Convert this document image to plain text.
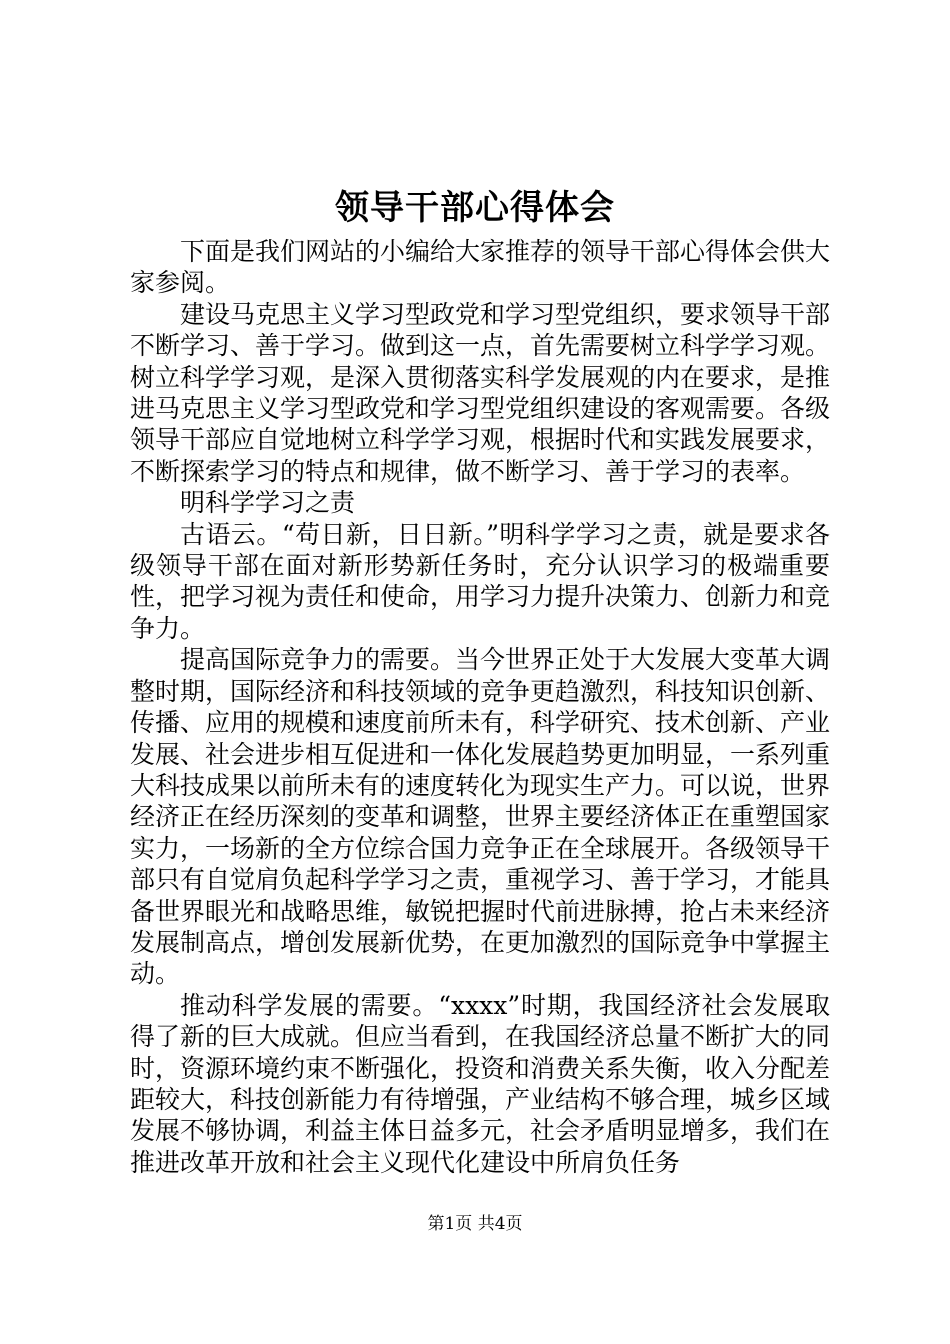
领导干部心得体会

下面是我们网站的小编给大家推荐的领导干部心得体会供大家参阅。

建设马克思主义学习型政党和学习型党组织，要求领导干部不断学习、善于学习。做到这一点，首先需要树立科学学习观。树立科学学习观，是深入贯彻落实科学发展观的内在要求，是推进马克思主义学习型政党和学习型党组织建设的客观需要。各级领导干部应自觉地树立科学学习观，根据时代和实践发展要求，不断探索学习的特点和规律，做不断学习、善于学习的表率。

明科学学习之责

古语云。“苟日新，日日新。”明科学学习之责，就是要求各级领导干部在面对新形势新任务时，充分认识学习的极端重要性，把学习视为责任和使命，用学习力提升决策力、创新力和竞争力。

提高国际竞争力的需要。当今世界正处于大发展大变革大调整时期，国际经济和科技领域的竞争更趋激烈，科技知识创新、传播、应用的规模和速度前所未有，科学研究、技术创新、产业发展、社会进步相互促进和一体化发展趋势更加明显，一系列重大科技成果以前所未有的速度转化为现实生产力。可以说，世界经济正在经历深刻的变革和调整，世界主要经济体正在重塑国家实力，一场新的全方位综合国力竞争正在全球展开。各级领导干部只有自觉肩负起科学学习之责，重视学习、善于学习，才能具备世界眼光和战略思维，敏锐把握时代前进脉搏，抢占未来经济发展制高点，增创发展新优势，在更加激烈的国际竞争中掌握主动。

推动科学发展的需要。“xxxx”时期，我国经济社会发展取得了新的巨大成就。但应当看到，在我国经济总量不断扩大的同时，资源环境约束不断强化，投资和消费关系失衡，收入分配差距较大，科技创新能力有待增强，产业结构不够合理，城乡区域发展不够协调，利益主体日益多元，社会矛盾明显增多，我们在推进改革开放和社会主义现代化建设中所肩负任务

第1页 共4页
